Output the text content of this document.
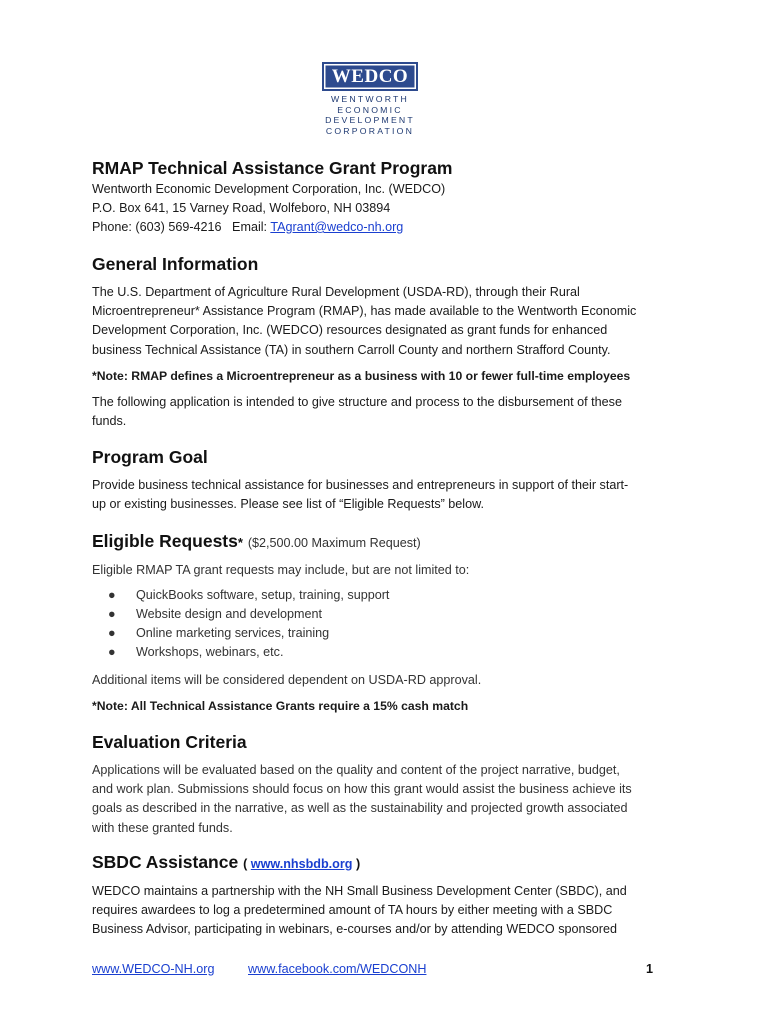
WEDCO
WENTWORTH
ECONOMIC
DEVELOPMENT
CORPORATION
RMAP Technical Assistance Grant Program
Wentworth Economic Development Corporation, Inc. (WEDCO)
P.O. Box 641, 15 Varney Road, Wolfeboro, NH 03894
Phone: (603) 569-4216 Email: TAgrant@wedco-nh.org
General Information
The U.S. Department of Agriculture Rural Development (USDA-RD), through their Rural
Microentrepreneur* Assistance Program (RMAP), has made available to the Wentworth Economic
Development Corporation, Inc. (WEDCO) resources designated as grant funds for enhanced
business Technical Assistance (TA) in southern Carroll County and northern Strafford County.
*Note: RMAP defines a Microentrepreneur as a business with 10 or fewer full-time employees
The following application is intended to give structure and process to the disbursement of these
funds.
Program Goal
Provide business technical assistance for businesses and entrepreneurs in support of their start-
up or existing businesses. Please see list of “Eligible Requests” below.
Eligible Requests* ($2,500.00 Maximum Request)
Eligible RMAP TA grant requests may include, but are not limited to:
● QuickBooks software, setup, training, support
● Website design and development
● Online marketing services, training
● Workshops, webinars, etc.
Additional items will be considered dependent on USDA-RD approval.
*Note: All Technical Assistance Grants require a 15% cash match
Evaluation Criteria
Applications will be evaluated based on the quality and content of the project narrative, budget,
and work plan. Submissions should focus on how this grant would assist the business achieve its
goals as described in the narrative, as well as the sustainability and projected growth associated
with these granted funds.
SBDC Assistance ( www.nhsbdb.org )
WEDCO maintains a partnership with the NH Small Business Development Center (SBDC), and
requires awardees to log a predetermined amount of TA hours by either meeting with a SBDC
Business Advisor, participating in webinars, e-courses and/or by attending WEDCO sponsored
www.WEDCO-NH.org	www.facebook.com/WEDCONH	1
